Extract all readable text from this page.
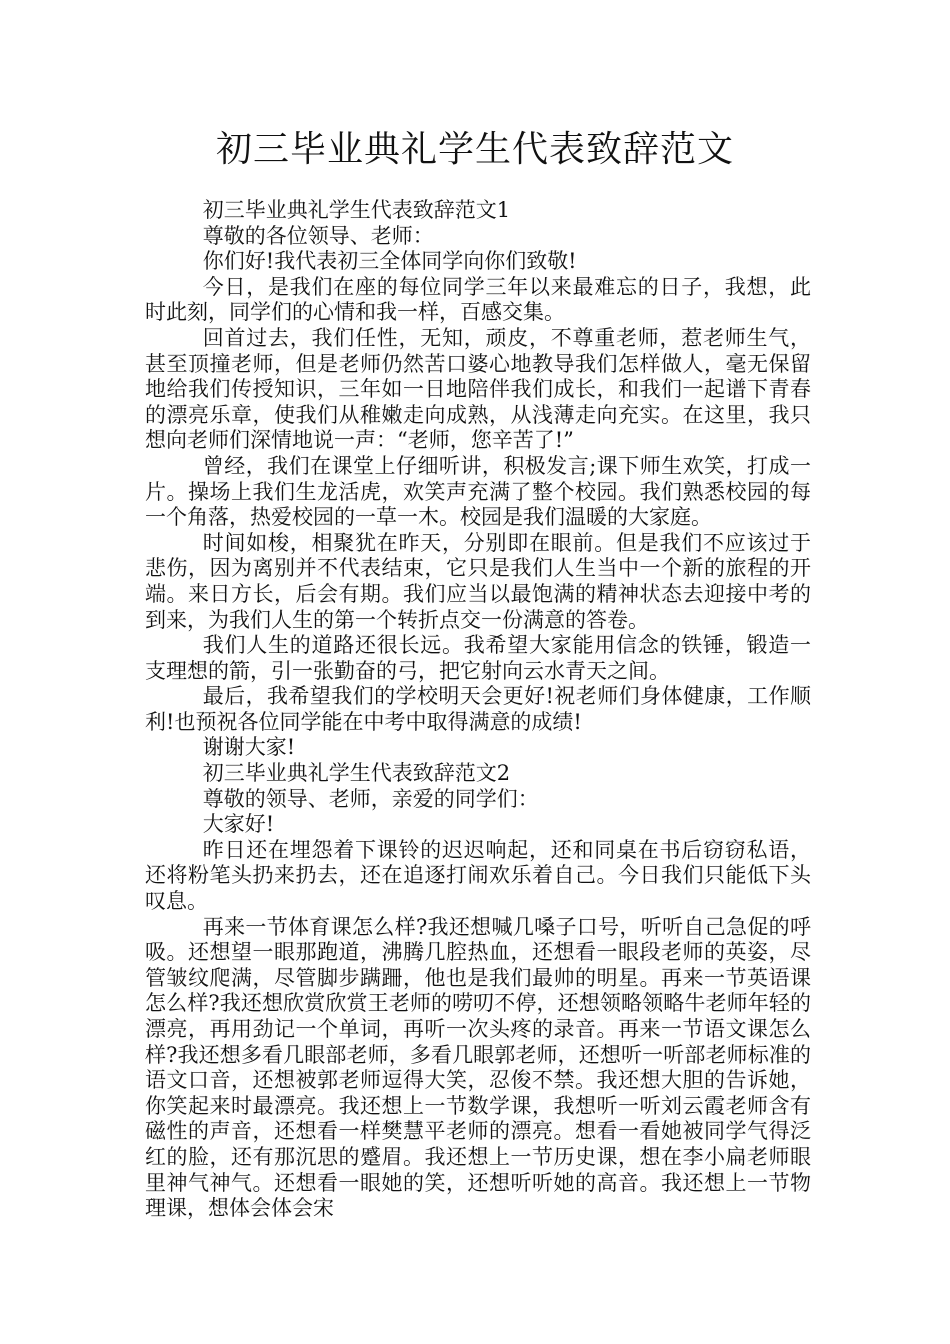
初三毕业典礼学生代表致辞范文

初三毕业典礼学生代表致辞范文1

尊敬的各位领导、老师：

你们好!我代表初三全体同学向你们致敬!

今日，是我们在座的每位同学三年以来最难忘的日子，我想，此时此刻，同学们的心情和我一样，百感交集。

回首过去，我们任性，无知，顽皮，不尊重老师，惹老师生气，甚至顶撞老师，但是老师仍然苦口婆心地教导我们怎样做人，毫无保留地给我们传授知识，三年如一日地陪伴我们成长，和我们一起谱下青春的漂亮乐章，使我们从稚嫩走向成熟，从浅薄走向充实。在这里，我只想向老师们深情地说一声：“老师，您辛苦了!”

曾经，我们在课堂上仔细听讲，积极发言;课下师生欢笑，打成一片。操场上我们生龙活虎，欢笑声充满了整个校园。我们熟悉校园的每一个角落，热爱校园的一草一木。校园是我们温暖的大家庭。

时间如梭，相聚犹在昨天，分别即在眼前。但是我们不应该过于悲伤，因为离别并不代表结束，它只是我们人生当中一个新的旅程的开端。来日方长，后会有期。我们应当以最饱满的精神状态去迎接中考的到来，为我们人生的第一个转折点交一份满意的答卷。

我们人生的道路还很长远。我希望大家能用信念的铁锤，锻造一支理想的箭，引一张勤奋的弓，把它射向云水青天之间。

最后，我希望我们的学校明天会更好!祝老师们身体健康，工作顺利!也预祝各位同学能在中考中取得满意的成绩!

谢谢大家!

初三毕业典礼学生代表致辞范文2

尊敬的领导、老师，亲爱的同学们：

大家好!

昨日还在埋怨着下课铃的迟迟响起，还和同桌在书后窃窃私语，还将粉笔头扔来扔去，还在追逐打闹欢乐着自己。今日我们只能低下头叹息。

再来一节体育课怎么样?我还想喊几嗓子口号，听听自己急促的呼吸。还想望一眼那跑道，沸腾几腔热血，还想看一眼段老师的英姿，尽管皱纹爬满，尽管脚步蹒跚，他也是我们最帅的明星。再来一节英语课怎么样?我还想欣赏欣赏王老师的唠叨不停，还想领略领略牛老师年轻的漂亮，再用劲记一个单词，再听一次头疼的录音。再来一节语文课怎么样?我还想多看几眼部老师，多看几眼郭老师，还想听一听部老师标准的语文口音，还想被郭老师逗得大笑，忍俊不禁。我还想大胆的告诉她，你笑起来时最漂亮。我还想上一节数学课，我想听一听刘云霞老师含有磁性的声音，还想看一样樊慧平老师的漂亮。想看一看她被同学气得泛红的脸，还有那沉思的蹙眉。我还想上一节历史课，想在李小扁老师眼里神气神气。还想看一眼她的笑，还想听听她的高音。我还想上一节物理课，想体会体会宋
